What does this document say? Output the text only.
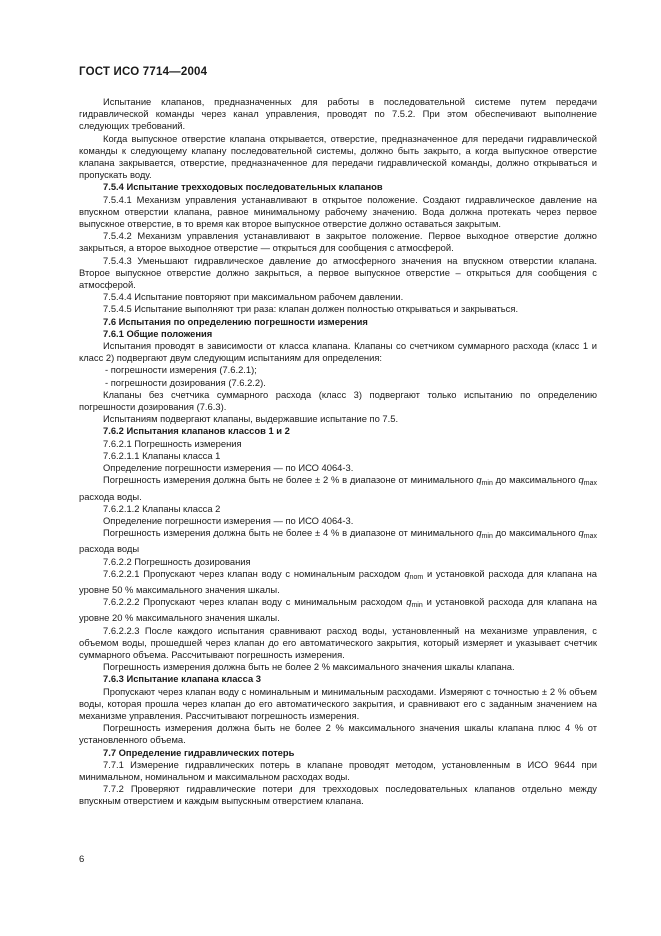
ГОСТ ИСО 7714—2004

Испытание клапанов, предназначенных для работы в последовательной системе путем передачи гидравлической команды через канал управления, проводят по 7.5.2. При этом обеспечивают выполнение следующих требований.

Когда выпускное отверстие клапана открывается, отверстие, предназначенное для передачи гидравлической команды к следующему клапану последовательной системы, должно быть закрыто, а когда выпускное отверстие клапана закрывается, отверстие, предназначенное для передачи гидравлической команды, должно открываться и пропускать воду.

7.5.4 Испытание трехходовых последовательных клапанов

7.5.4.1 Механизм управления устанавливают в открытое положение. Создают гидравлическое давление на впускном отверстии клапана, равное минимальному рабочему значению. Вода должна протекать через первое выпускное отверстие, в то время как второе выпускное отверстие должно оставаться закрытым.

7.5.4.2 Механизм управления устанавливают в закрытое положение. Первое выходное отверстие должно закрыться, а второе выходное отверстие — открыться для сообщения с атмосферой.

7.5.4.3 Уменьшают гидравлическое давление до атмосферного значения на впускном отверстии клапана. Второе выпускное отверстие должно закрыться, а первое выпускное отверстие – открыться для сообщения с атмосферой.

7.5.4.4 Испытание повторяют при максимальном рабочем давлении.

7.5.4.5 Испытание выполняют три раза: клапан должен полностью открываться и закрываться.

7.6 Испытания по определению погрешности измерения

7.6.1 Общие положения

Испытания проводят в зависимости от класса клапана. Клапаны со счетчиком суммарного расхода (класс 1 и класс 2) подвергают двум следующим испытаниям для определения:

- погрешности измерения (7.6.2.1);

- погрешности дозирования (7.6.2.2).

Клапаны без счетчика суммарного расхода (класс 3) подвергают только испытанию по определению погрешности дозирования (7.6.3).

Испытаниям подвергают клапаны, выдержавшие испытание по 7.5.

7.6.2 Испытания клапанов классов 1 и 2

7.6.2.1 Погрешность измерения

7.6.2.1.1 Клапаны класса 1

Определение погрешности измерения — по ИСО 4064-3.

Погрешность измерения должна быть не более ± 2 % в диапазоне от минимального $q_{min}$ до максимального $q_{max}$ расхода воды.

7.6.2.1.2 Клапаны класса 2

Определение погрешности измерения — по ИСО 4064-3.

Погрешность измерения должна быть не более ± 4 % в диапазоне от минимального $q_{min}$ до максимального $q_{max}$ расхода воды

7.6.2.2 Погрешность дозирования

7.6.2.2.1 Пропускают через клапан воду с номинальным расходом $q_{nom}$ и установкой расхода для клапана на уровне 50 % максимального значения шкалы.

7.6.2.2.2 Пропускают через клапан воду с минимальным расходом $q_{min}$ и установкой расхода для клапана на уровне 20 % максимального значения шкалы.

7.6.2.2.3 После каждого испытания сравнивают расход воды, установленный на механизме управления, с объемом воды, прошедшей через клапан до его автоматического закрытия, который измеряет и указывает счетчик суммарного объема. Рассчитывают погрешность измерения.

Погрешность измерения должна быть не более 2 % максимального значения шкалы клапана.

7.6.3 Испытание клапана класса 3

Пропускают через клапан воду с номинальным и минимальным расходами. Измеряют с точностью ± 2 % объем воды, которая прошла через клапан до его автоматического закрытия, и сравнивают его с заданным значением на механизме управления. Рассчитывают погрешность измерения.

Погрешность измерения должна быть не более 2 % максимального значения шкалы клапана плюс 4 % от установленного объема.

7.7 Определение гидравлических потерь

7.7.1 Измерение гидравлических потерь в клапане проводят методом, установленным в ИСО 9644 при минимальном, номинальном и максимальном расходах воды.

7.7.2 Проверяют гидравлические потери для трехходовых последовательных клапанов отдельно между впускным отверстием и каждым выпускным отверстием клапана.

6
